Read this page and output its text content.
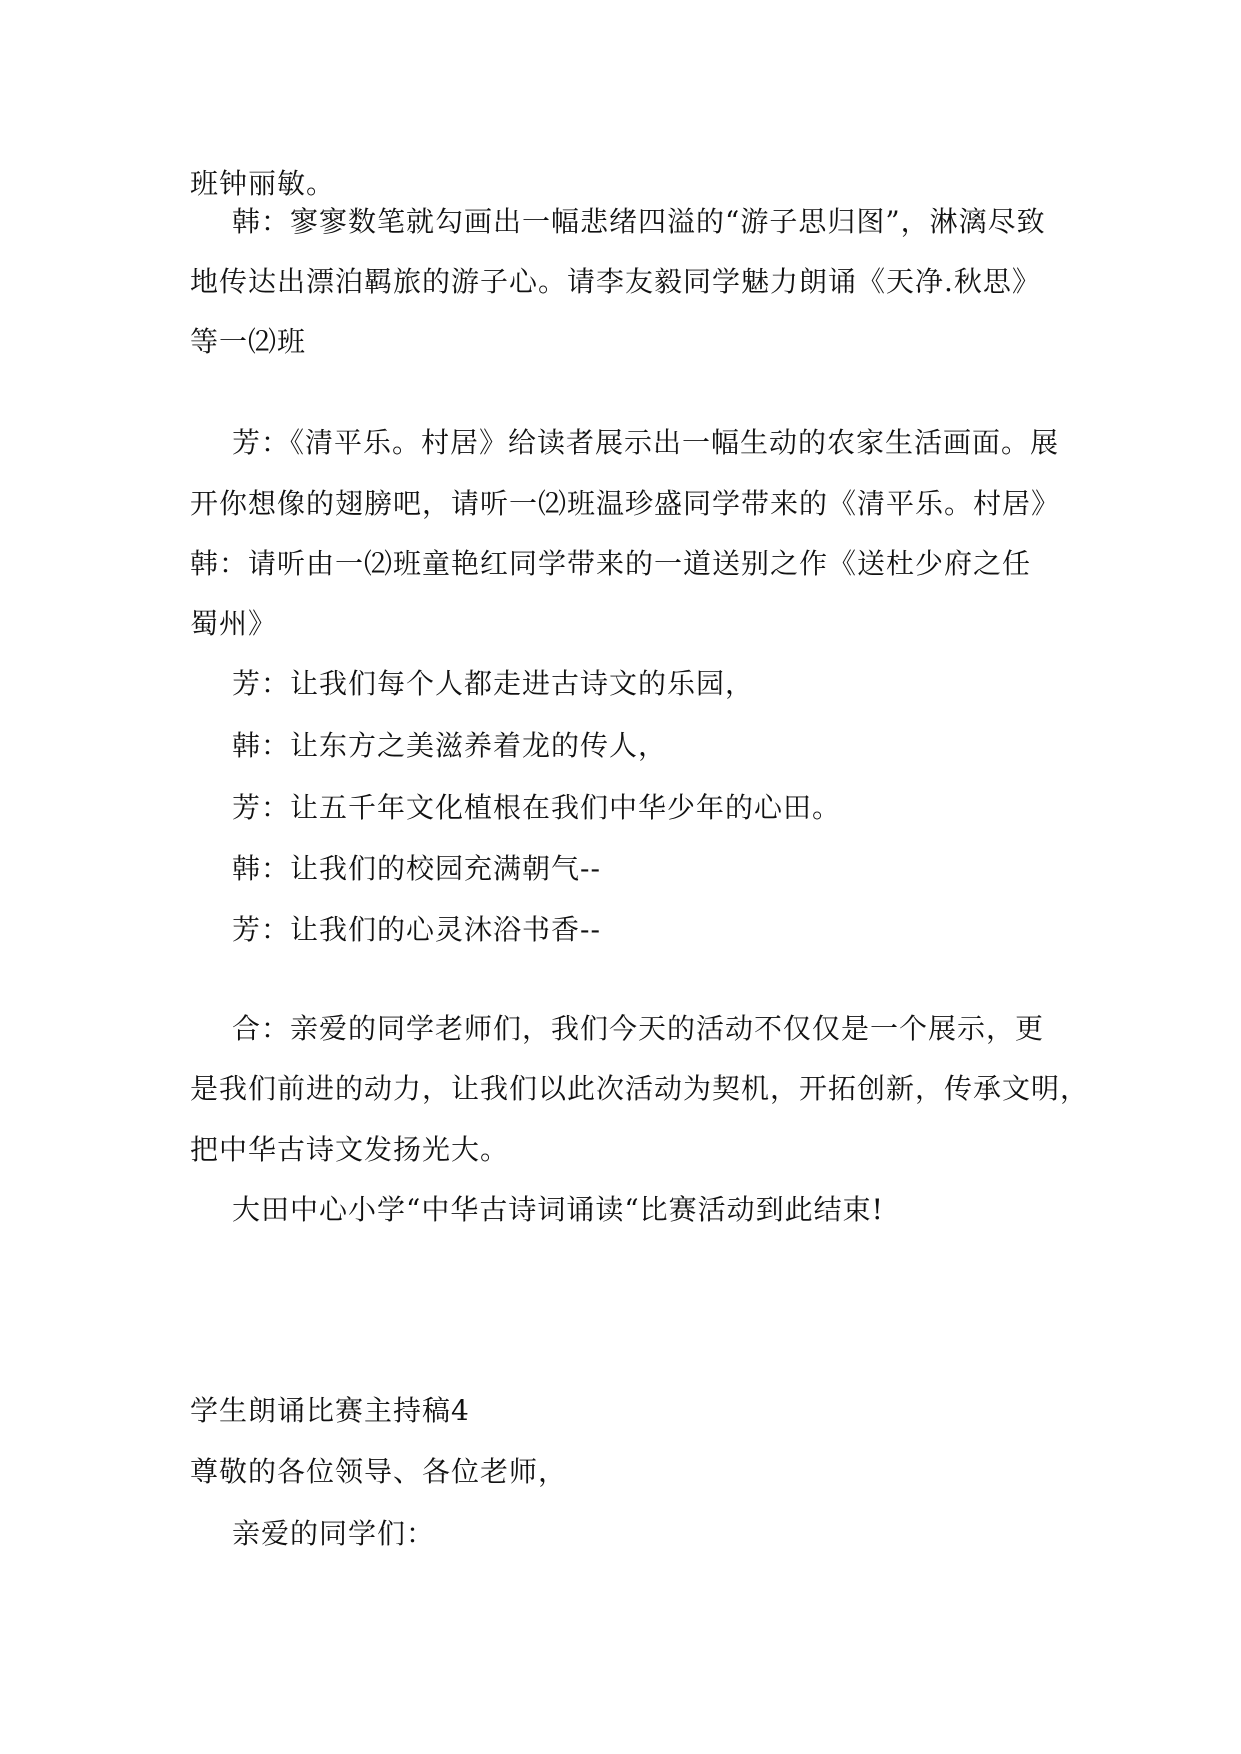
班钟丽敏。
韩：寥寥数笔就勾画出一幅悲绪四溢的“游子思归图”，淋漓尽致
地传达出漂泊羁旅的游子心。请李友毅同学魅力朗诵《天净.秋思》
等一⑵班
芳：《清平乐。村居》给读者展示出一幅生动的农家生活画面。展
开你想像的翅膀吧，请听一⑵班温珍盛同学带来的《清平乐。村居》
韩：请听由一⑵班童艳红同学带来的一道送别之作《送杜少府之任
蜀州》
芳：让我们每个人都走进古诗文的乐园，
韩：让东方之美滋养着龙的传人，
芳：让五千年文化植根在我们中华少年的心田。
韩：让我们的校园充满朝气--
芳：让我们的心灵沐浴书香--
合：亲爱的同学老师们，我们今天的活动不仅仅是一个展示，更
是我们前进的动力，让我们以此次活动为契机，开拓创新，传承文明，
把中华古诗文发扬光大。
大田中心小学“中华古诗词诵读“比赛活动到此结束!
学生朗诵比赛主持稿4
尊敬的各位领导、各位老师，
亲爱的同学们：
